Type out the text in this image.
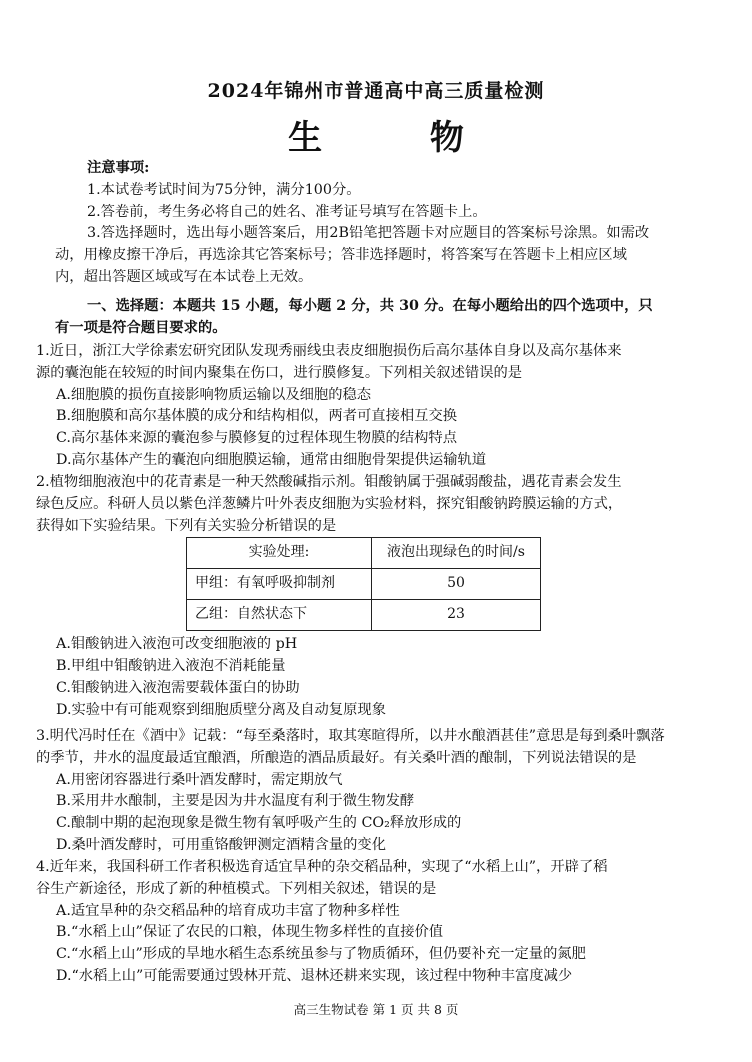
2024年锦州市普通高中高三质量检测
生 物
注意事项:
1.本试卷考试时间为75分钟，满分100分。
2.答卷前，考生务必将自己的姓名、准考证号填写在答题卡上。
3.答选择题时，选出每小题答案后，用2B铅笔把答题卡对应题目的答案标号涂黑。如需改
动，用橡皮擦干净后，再选涂其它答案标号；答非选择题时，将答案写在答题卡上相应区域
内，超出答题区域或写在本试卷上无效。
一、选择题：本题共 15 小题，每小题 2 分，共 30 分。在每小题给出的四个选项中，只
有一项是符合题目要求的。
1.近日，浙江大学徐素宏研究团队发现秀丽线虫表皮细胞损伤后高尔基体自身以及高尔基体来
源的囊泡能在较短的时间内聚集在伤口，进行膜修复。下列相关叙述错误的是
A.细胞膜的损伤直接影响物质运输以及细胞的稳态
B.细胞膜和高尔基体膜的成分和结构相似，两者可直接相互交换
C.高尔基体来源的囊泡参与膜修复的过程体现生物膜的结构特点
D.高尔基体产生的囊泡向细胞膜运输，通常由细胞骨架提供运输轨道
2.植物细胞液泡中的花青素是一种天然酸碱指示剂。钼酸钠属于强碱弱酸盐，遇花青素会发生
绿色反应。科研人员以紫色洋葱鳞片叶外表皮细胞为实验材料，探究钼酸钠跨膜运输的方式，
获得如下实验结果。下列有关实验分析错误的是
实验处理:	液泡出现绿色的时间/s
甲组：有氧呼吸抑制剂	50
乙组：自然状态下	23
A.钼酸钠进入液泡可改变细胞液的 pH
B.甲组中钼酸钠进入液泡不消耗能量
C.钼酸钠进入液泡需要载体蛋白的协助
D.实验中有可能观察到细胞质壁分离及自动复原现象
3.明代冯时任在《酒中》记载：“每至桑落时，取其寒暄得所，以井水酿酒甚佳”意思是每到桑叶飘落
的季节，井水的温度最适宜酿酒，所酿造的酒品质最好。有关桑叶酒的酿制，下列说法错误的是
A.用密闭容器进行桑叶酒发酵时，需定期放气
B.采用井水酿制，主要是因为井水温度有利于微生物发酵
C.酿制中期的起泡现象是微生物有氧呼吸产生的 CO₂释放形成的
D.桑叶酒发酵时，可用重铬酸钾测定酒精含量的变化
4.近年来，我国科研工作者积极选育适宜旱种的杂交稻品种，实现了“水稻上山”，开辟了稻
谷生产新途径，形成了新的种植模式。下列相关叙述，错误的是
A.适宜旱种的杂交稻品种的培育成功丰富了物种多样性
B.“水稻上山”保证了农民的口粮，体现生物多样性的直接价值
C.“水稻上山”形成的旱地水稻生态系统虽参与了物质循环，但仍要补充一定量的氮肥
D.“水稻上山”可能需要通过毁林开荒、退林还耕来实现，该过程中物种丰富度减少
高三生物试卷 第 1 页 共 8 页
